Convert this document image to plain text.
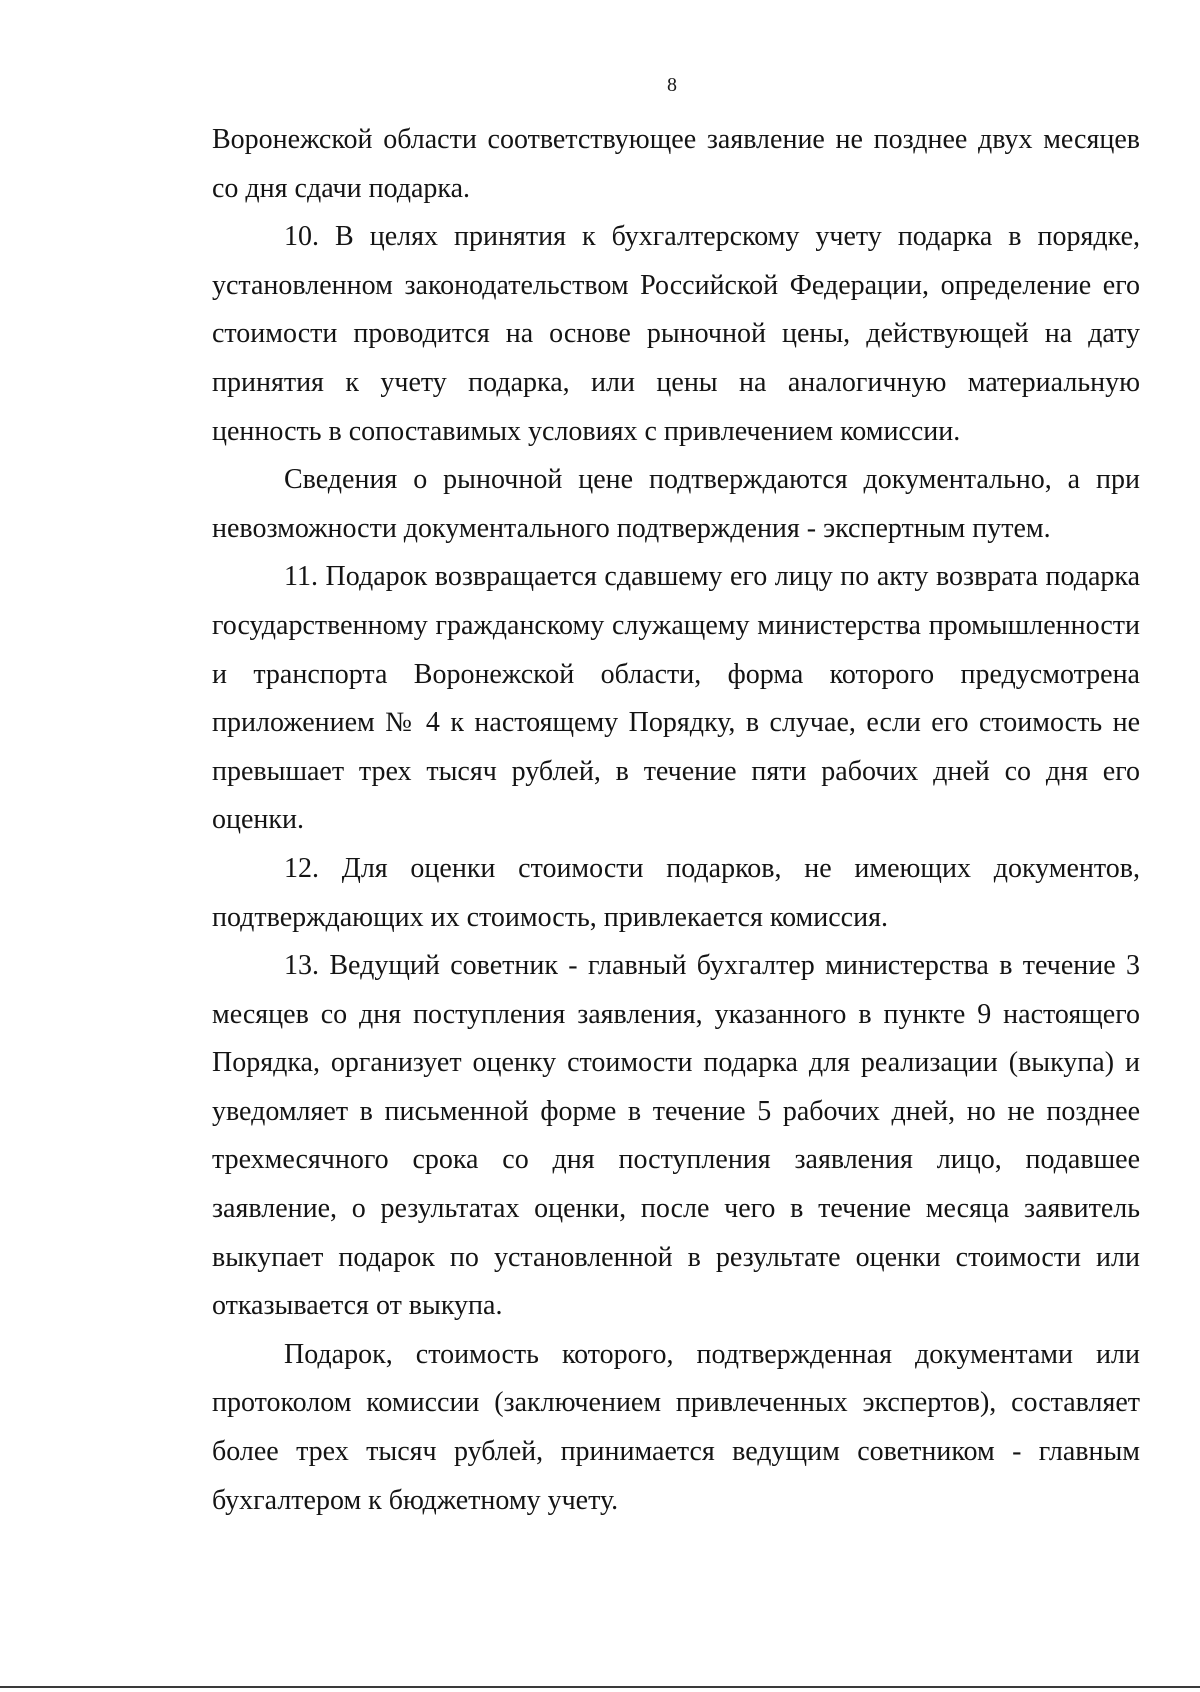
8

Воронежской области соответствующее заявление не позднее двух месяцев со дня сдачи подарка.

10. В целях принятия к бухгалтерскому учету подарка в порядке, установленном законодательством Российской Федерации, определение его стоимости проводится на основе рыночной цены, действующей на дату принятия к учету подарка, или цены на аналогичную материальную ценность в сопоставимых условиях с привлечением комиссии.

Сведения о рыночной цене подтверждаются документально, а при невозможности документального подтверждения - экспертным путем.

11. Подарок возвращается сдавшему его лицу по акту возврата подарка государственному гражданскому служащему министерства промышленности и транспорта Воронежской области, форма которого предусмотрена приложением № 4 к настоящему Порядку, в случае, если его стоимость не превышает трех тысяч рублей, в течение пяти рабочих дней со дня его оценки.

12. Для оценки стоимости подарков, не имеющих документов, подтверждающих их стоимость, привлекается комиссия.

13. Ведущий советник - главный бухгалтер министерства в течение 3 месяцев со дня поступления заявления, указанного в пункте 9 настоящего Порядка, организует оценку стоимости подарка для реализации (выкупа) и уведомляет в письменной форме в течение 5 рабочих дней, но не позднее трехмесячного срока со дня поступления заявления лицо, подавшее заявление, о результатах оценки, после чего в течение месяца заявитель выкупает подарок по установленной в результате оценки стоимости или отказывается от выкупа.

Подарок, стоимость которого, подтвержденная документами или протоколом комиссии (заключением привлеченных экспертов), составляет более трех тысяч рублей, принимается ведущим советником - главным бухгалтером к бюджетному учету.
